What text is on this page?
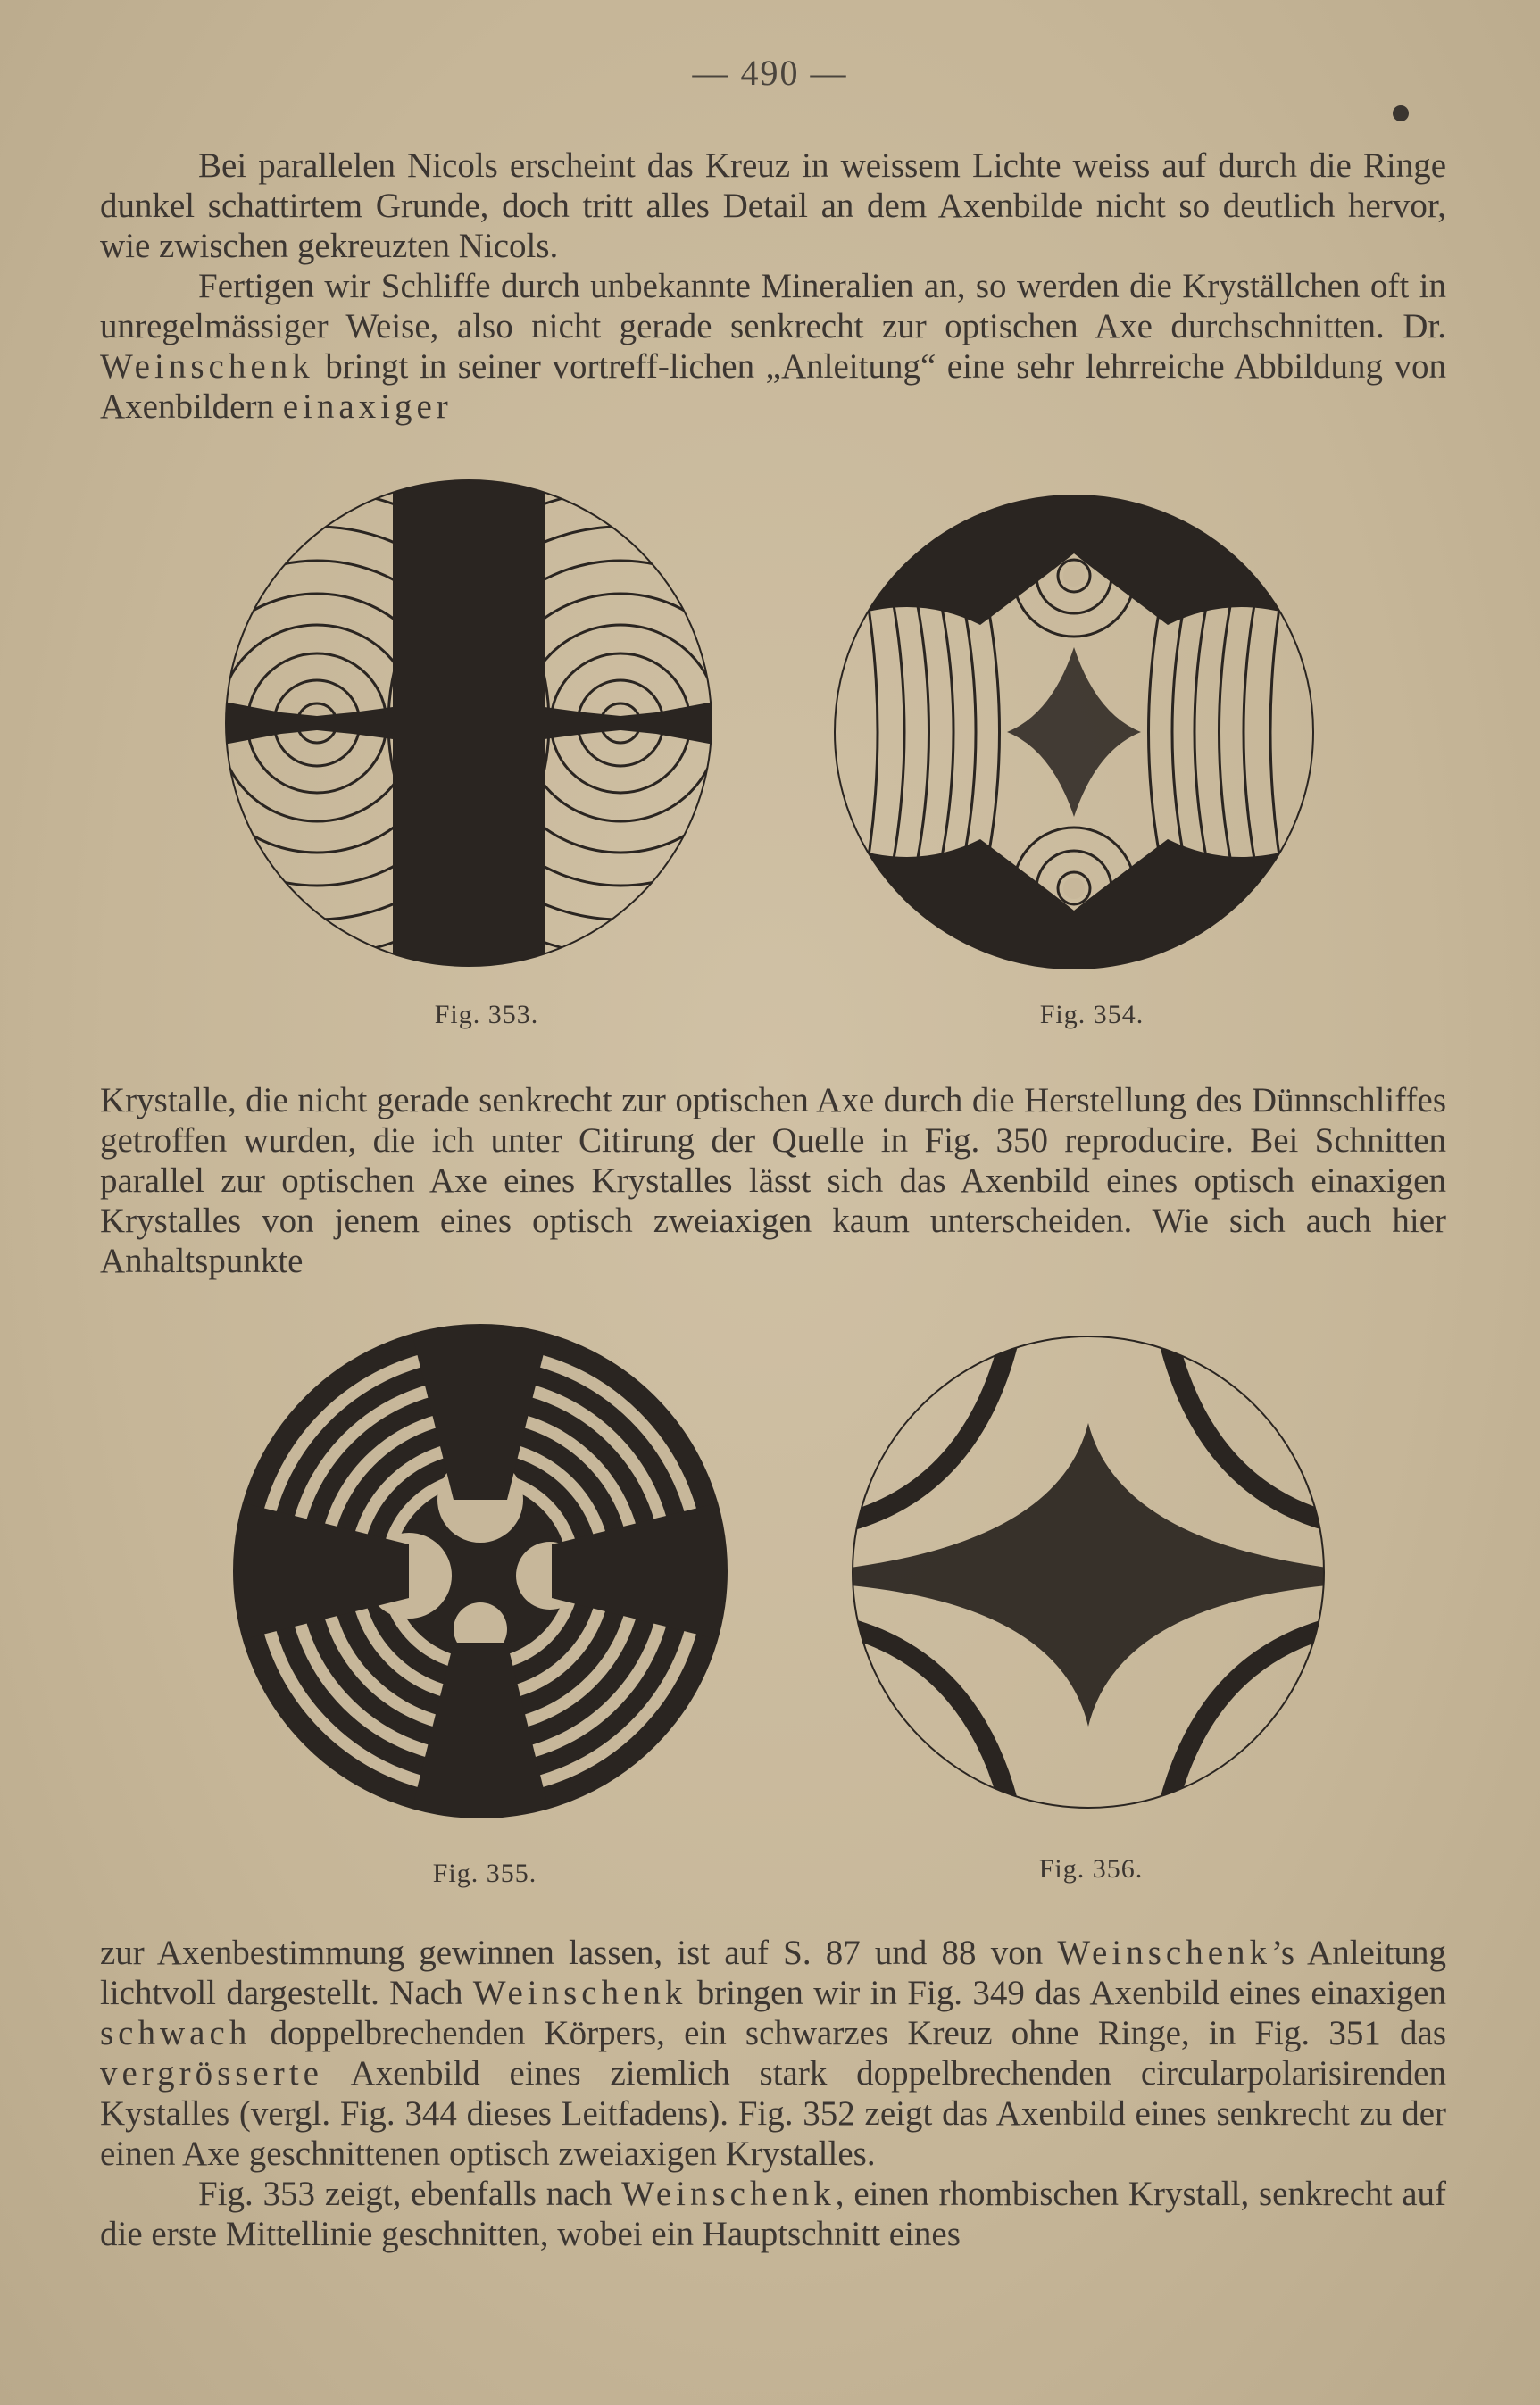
— 490 —

Bei parallelen Nicols erscheint das Kreuz in weissem Lichte weiss auf durch die Ringe dunkel schattirtem Grunde, doch tritt alles Detail an dem Axenbilde nicht so deutlich hervor, wie zwischen gekreuzten Nicols.

Fertigen wir Schliffe durch unbekannte Mineralien an, so werden die Kryställchen oft in unregelmässiger Weise, also nicht gerade senkrecht zur optischen Axe durchschnitten. Dr. Weinschenk bringt in seiner vortreff-lichen „Anleitung“ eine sehr lehrreiche Abbildung von Axenbildern einaxiger

Fig. 353.	Fig. 354.

Krystalle, die nicht gerade senkrecht zur optischen Axe durch die Herstellung des Dünnschliffes getroffen wurden, die ich unter Citirung der Quelle in Fig. 350 reproducire. Bei Schnitten parallel zur optischen Axe eines Krystalles lässt sich das Axenbild eines optisch einaxigen Krystalles von jenem eines optisch zweiaxigen kaum unterscheiden. Wie sich auch hier Anhaltspunkte

Fig. 355.	Fig. 356.

zur Axenbestimmung gewinnen lassen, ist auf S. 87 und 88 von Weinschenk’s Anleitung lichtvoll dargestellt. Nach Weinschenk bringen wir in Fig. 349 das Axenbild eines einaxigen schwach doppelbrechenden Körpers, ein schwarzes Kreuz ohne Ringe, in Fig. 351 das vergrösserte Axenbild eines ziemlich stark doppelbrechenden circularpolarisirenden Kystalles (vergl. Fig. 344 dieses Leitfadens). Fig. 352 zeigt das Axenbild eines senkrecht zu der einen Axe geschnittenen optisch zweiaxigen Krystalles.

Fig. 353 zeigt, ebenfalls nach Weinschenk, einen rhombischen Krystall, senkrecht auf die erste Mittellinie geschnitten, wobei ein Hauptschnitt eines
